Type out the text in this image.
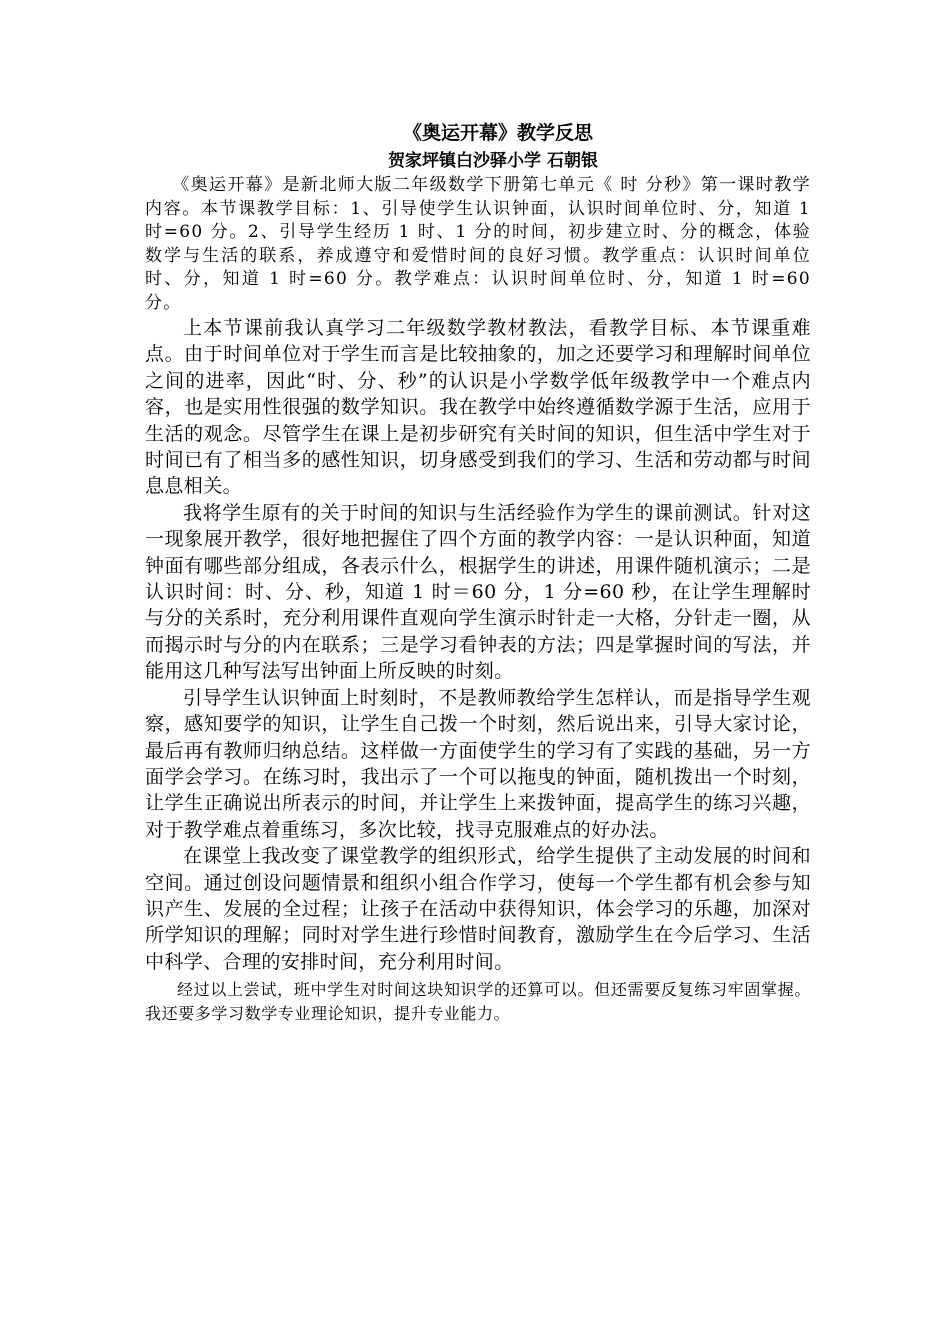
《奥运开幕》教学反思

贺家坪镇白沙驿小学 石朝银

《奥运开幕》是新北师大版二年级数学下册第七单元《 时 分秒》第一课时教学内容。本节课教学目标：1、引导使学生认识钟面，认识时间单位时、分，知道 1 时=60 分。2、引导学生经历 1 时、1 分的时间，初步建立时、分的概念，体验数学与生活的联系，养成遵守和爱惜时间的良好习惯。教学重点：认识时间单位时、分，知道 1 时=60 分。教学难点：认识时间单位时、分，知道 1 时=60 分。

上本节课前我认真学习二年级数学教材教法，看教学目标、本节课重难点。由于时间单位对于学生而言是比较抽象的，加之还要学习和理解时间单位之间的进率，因此“时、分、秒”的认识是小学数学低年级教学中一个难点内容，也是实用性很强的数学知识。我在教学中始终遵循数学源于生活，应用于生活的观念。尽管学生在课上是初步研究有关时间的知识，但生活中学生对于时间已有了相当多的感性知识，切身感受到我们的学习、生活和劳动都与时间息息相关。

我将学生原有的关于时间的知识与生活经验作为学生的课前测试。针对这一现象展开教学，很好地把握住了四个方面的教学内容：一是认识种面，知道钟面有哪些部分组成，各表示什么，根据学生的讲述，用课件随机演示；二是认识时间：时、分、秒，知道 1 时＝60 分，1 分=60 秒，在让学生理解时与分的关系时，充分利用课件直观向学生演示时针走一大格，分针走一圈，从而揭示时与分的内在联系；三是学习看钟表的方法；四是掌握时间的写法，并能用这几种写法写出钟面上所反映的时刻。

引导学生认识钟面上时刻时，不是教师教给学生怎样认，而是指导学生观察，感知要学的知识，让学生自己拨一个时刻，然后说出来，引导大家讨论，最后再有教师归纳总结。这样做一方面使学生的学习有了实践的基础，另一方面学会学习。在练习时，我出示了一个可以拖曳的钟面，随机拨出一个时刻，让学生正确说出所表示的时间，并让学生上来拨钟面，提高学生的练习兴趣，对于教学难点着重练习，多次比较，找寻克服难点的好办法。

在课堂上我改变了课堂教学的组织形式，给学生提供了主动发展的时间和空间。通过创设问题情景和组织小组合作学习，使每一个学生都有机会参与知识产生、发展的全过程；让孩子在活动中获得知识，体会学习的乐趣，加深对所学知识的理解；同时对学生进行珍惜时间教育，激励学生在今后学习、生活中科学、合理的安排时间，充分利用时间。

经过以上尝试，班中学生对时间这块知识学的还算可以。但还需要反复练习牢固掌握。我还要多学习数学专业理论知识，提升专业能力。
